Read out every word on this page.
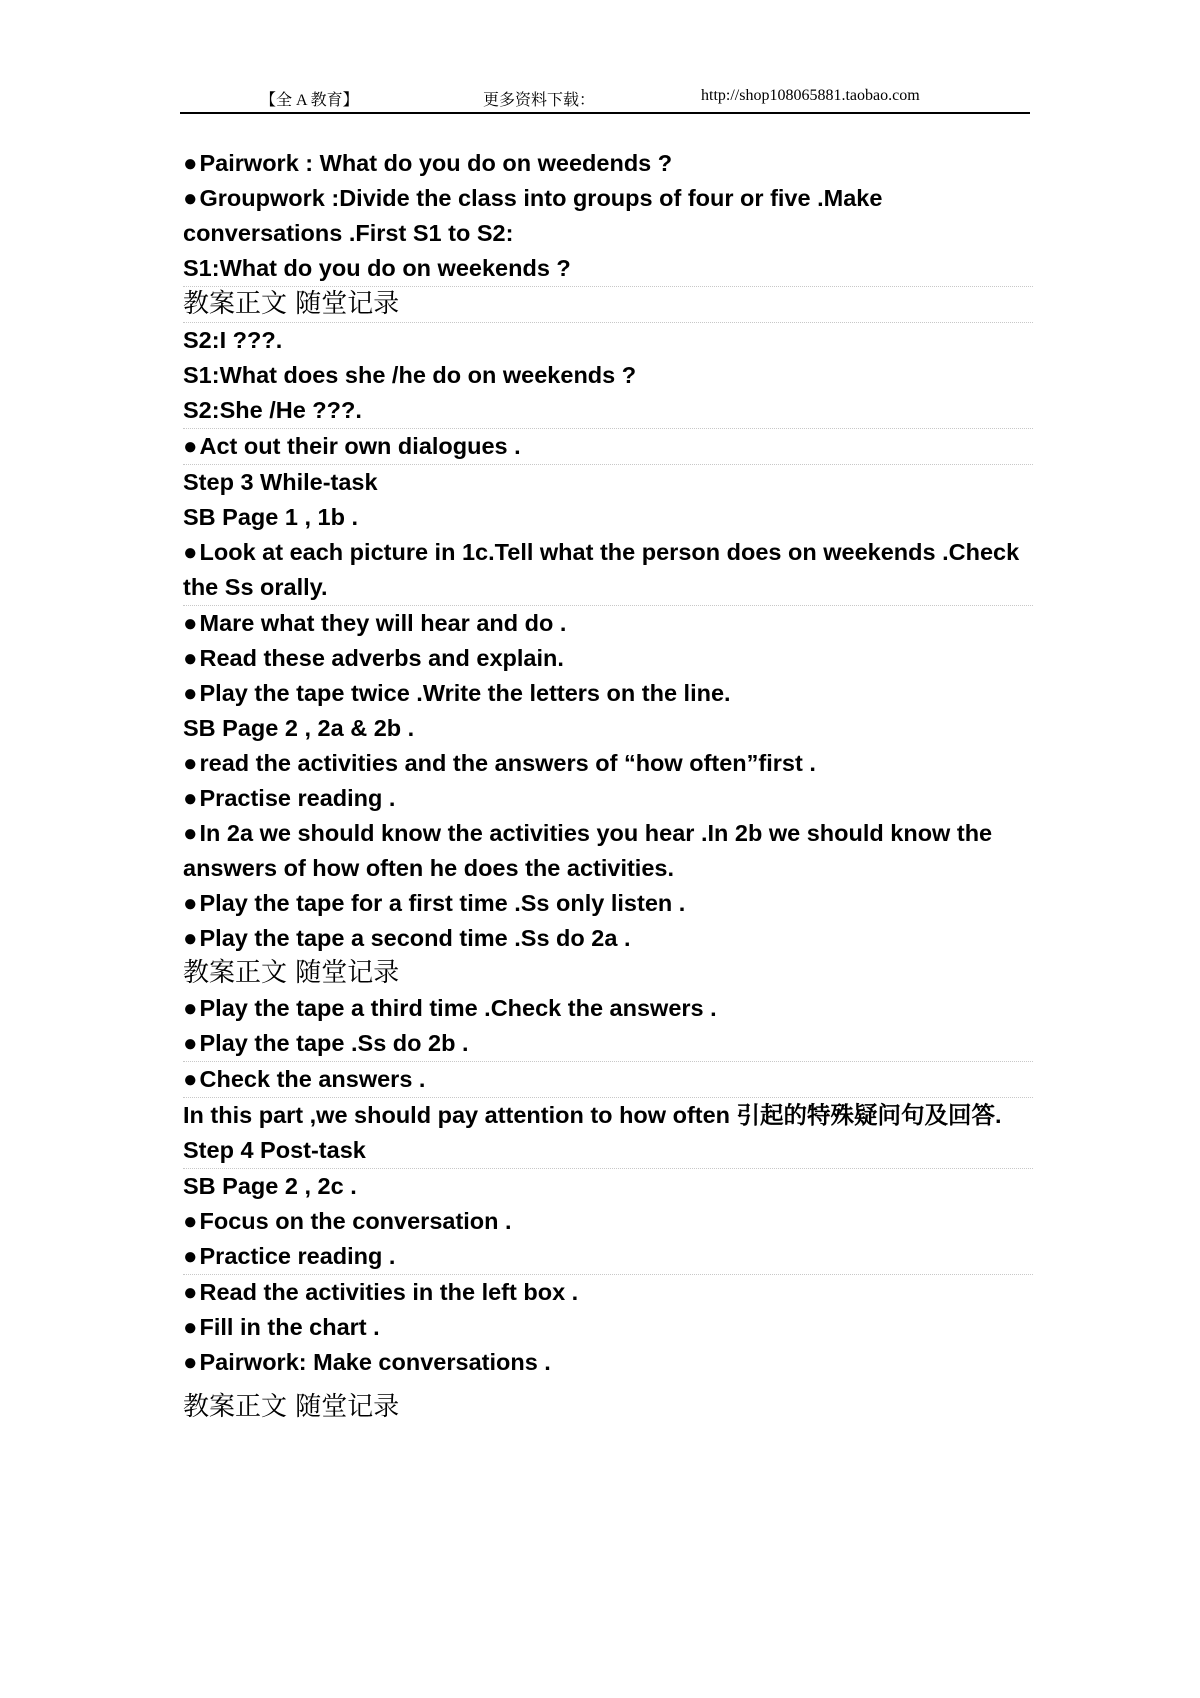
【全 A 教育】	更多资料下载：	http://shop108065881.taobao.com
●Pairwork : What do you do on weedends ?
●Groupwork :Divide the class into groups of four or five .Make conversations .First S1 to S2:
S1:What do you do on weekends ?
教案正文 随堂记录
S2:I ???.
S1:What does she /he do on weekends ?
S2:She /He ???.
●Act out their own dialogues .
Step 3 While-task
SB Page 1 , 1b .
●Look at each picture in 1c.Tell what the person does on weekends .Check the Ss orally.
●Mare what they will hear and do .
●Read these adverbs and explain.
●Play the tape twice .Write the letters on the line.
SB Page 2 , 2a & 2b .
●read the activities and the answers of “how often”first .
●Practise reading .
●In 2a we should know the activities you hear .In 2b we should know the answers of how often he does the activities.
●Play the tape for a first time .Ss only listen .
●Play the tape a second time .Ss do 2a .
教案正文 随堂记录
●Play the tape a third time .Check the answers .
●Play the tape .Ss do 2b .
●Check the answers .
In this part ,we should pay attention to how often 引起的特殊疑问句及回答.
Step 4 Post-task
SB Page 2 , 2c .
●Focus on the conversation .
●Practice reading .
●Read the activities in the left box .
●Fill in the chart .
●Pairwork: Make conversations .
教案正文 随堂记录
